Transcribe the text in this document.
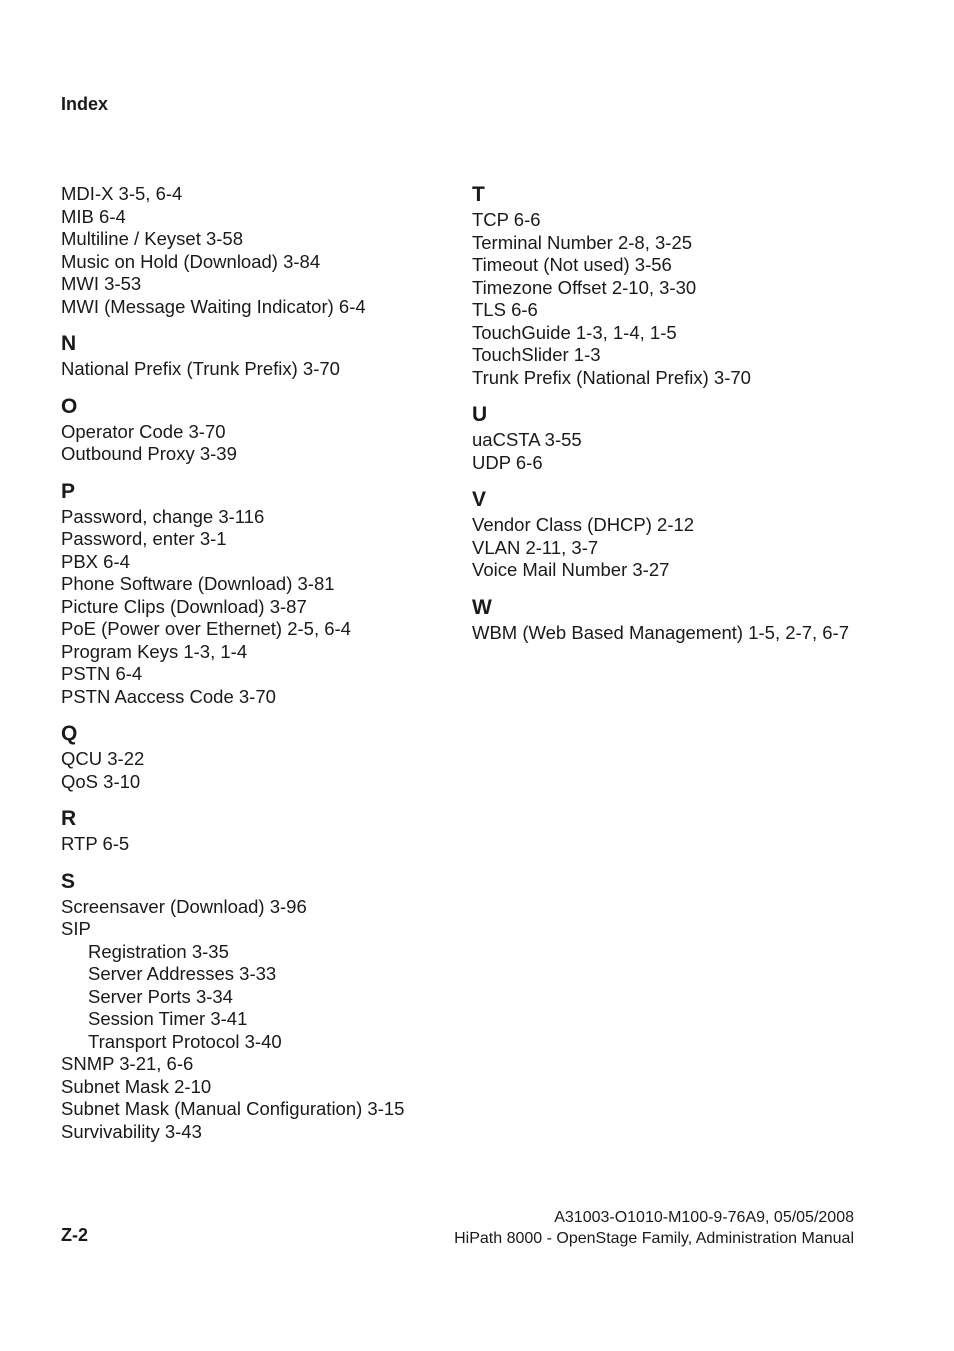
Index
MDI-X 3-5, 6-4
MIB 6-4
Multiline / Keyset 3-58
Music on Hold (Download) 3-84
MWI 3-53
MWI (Message Waiting Indicator) 6-4
N
National Prefix (Trunk Prefix) 3-70
O
Operator Code 3-70
Outbound Proxy 3-39
P
Password, change 3-116
Password, enter 3-1
PBX 6-4
Phone Software (Download) 3-81
Picture Clips (Download) 3-87
PoE (Power over Ethernet) 2-5, 6-4
Program Keys 1-3, 1-4
PSTN 6-4
PSTN Aaccess Code 3-70
Q
QCU 3-22
QoS 3-10
R
RTP 6-5
S
Screensaver (Download) 3-96
SIP
Registration 3-35
Server Addresses 3-33
Server Ports 3-34
Session Timer 3-41
Transport Protocol 3-40
SNMP 3-21, 6-6
Subnet Mask 2-10
Subnet Mask (Manual Configuration) 3-15
Survivability 3-43
T
TCP 6-6
Terminal Number 2-8, 3-25
Timeout (Not used) 3-56
Timezone Offset 2-10, 3-30
TLS 6-6
TouchGuide 1-3, 1-4, 1-5
TouchSlider 1-3
Trunk Prefix (National Prefix) 3-70
U
uaCSTA 3-55
UDP 6-6
V
Vendor Class (DHCP) 2-12
VLAN 2-11, 3-7
Voice Mail Number 3-27
W
WBM (Web Based Management) 1-5, 2-7, 6-7
Z-2
A31003-O1010-M100-9-76A9, 05/05/2008
HiPath 8000 - OpenStage Family, Administration Manual
